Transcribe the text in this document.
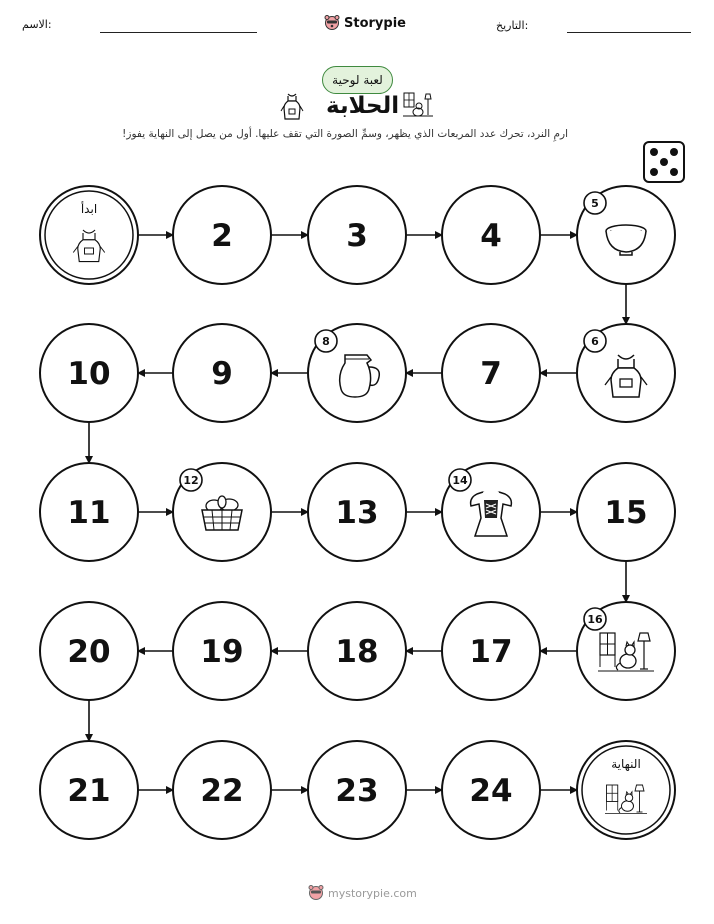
الاسم:	Storypie	التاريخ:
لعبة لوحية
الحلابة
ارمِ النرد، تحرك عدد المربعات الذي يظهر، وسمِّ الصورة التي تقف عليها. أول من يصل إلى النهاية يفوز!
ابدأ
2	3	4
5
6
7
8
9
10
11
12
13
14
15
16
17
18
19
20
21	22	23	24
النهاية
mystorypie.com
